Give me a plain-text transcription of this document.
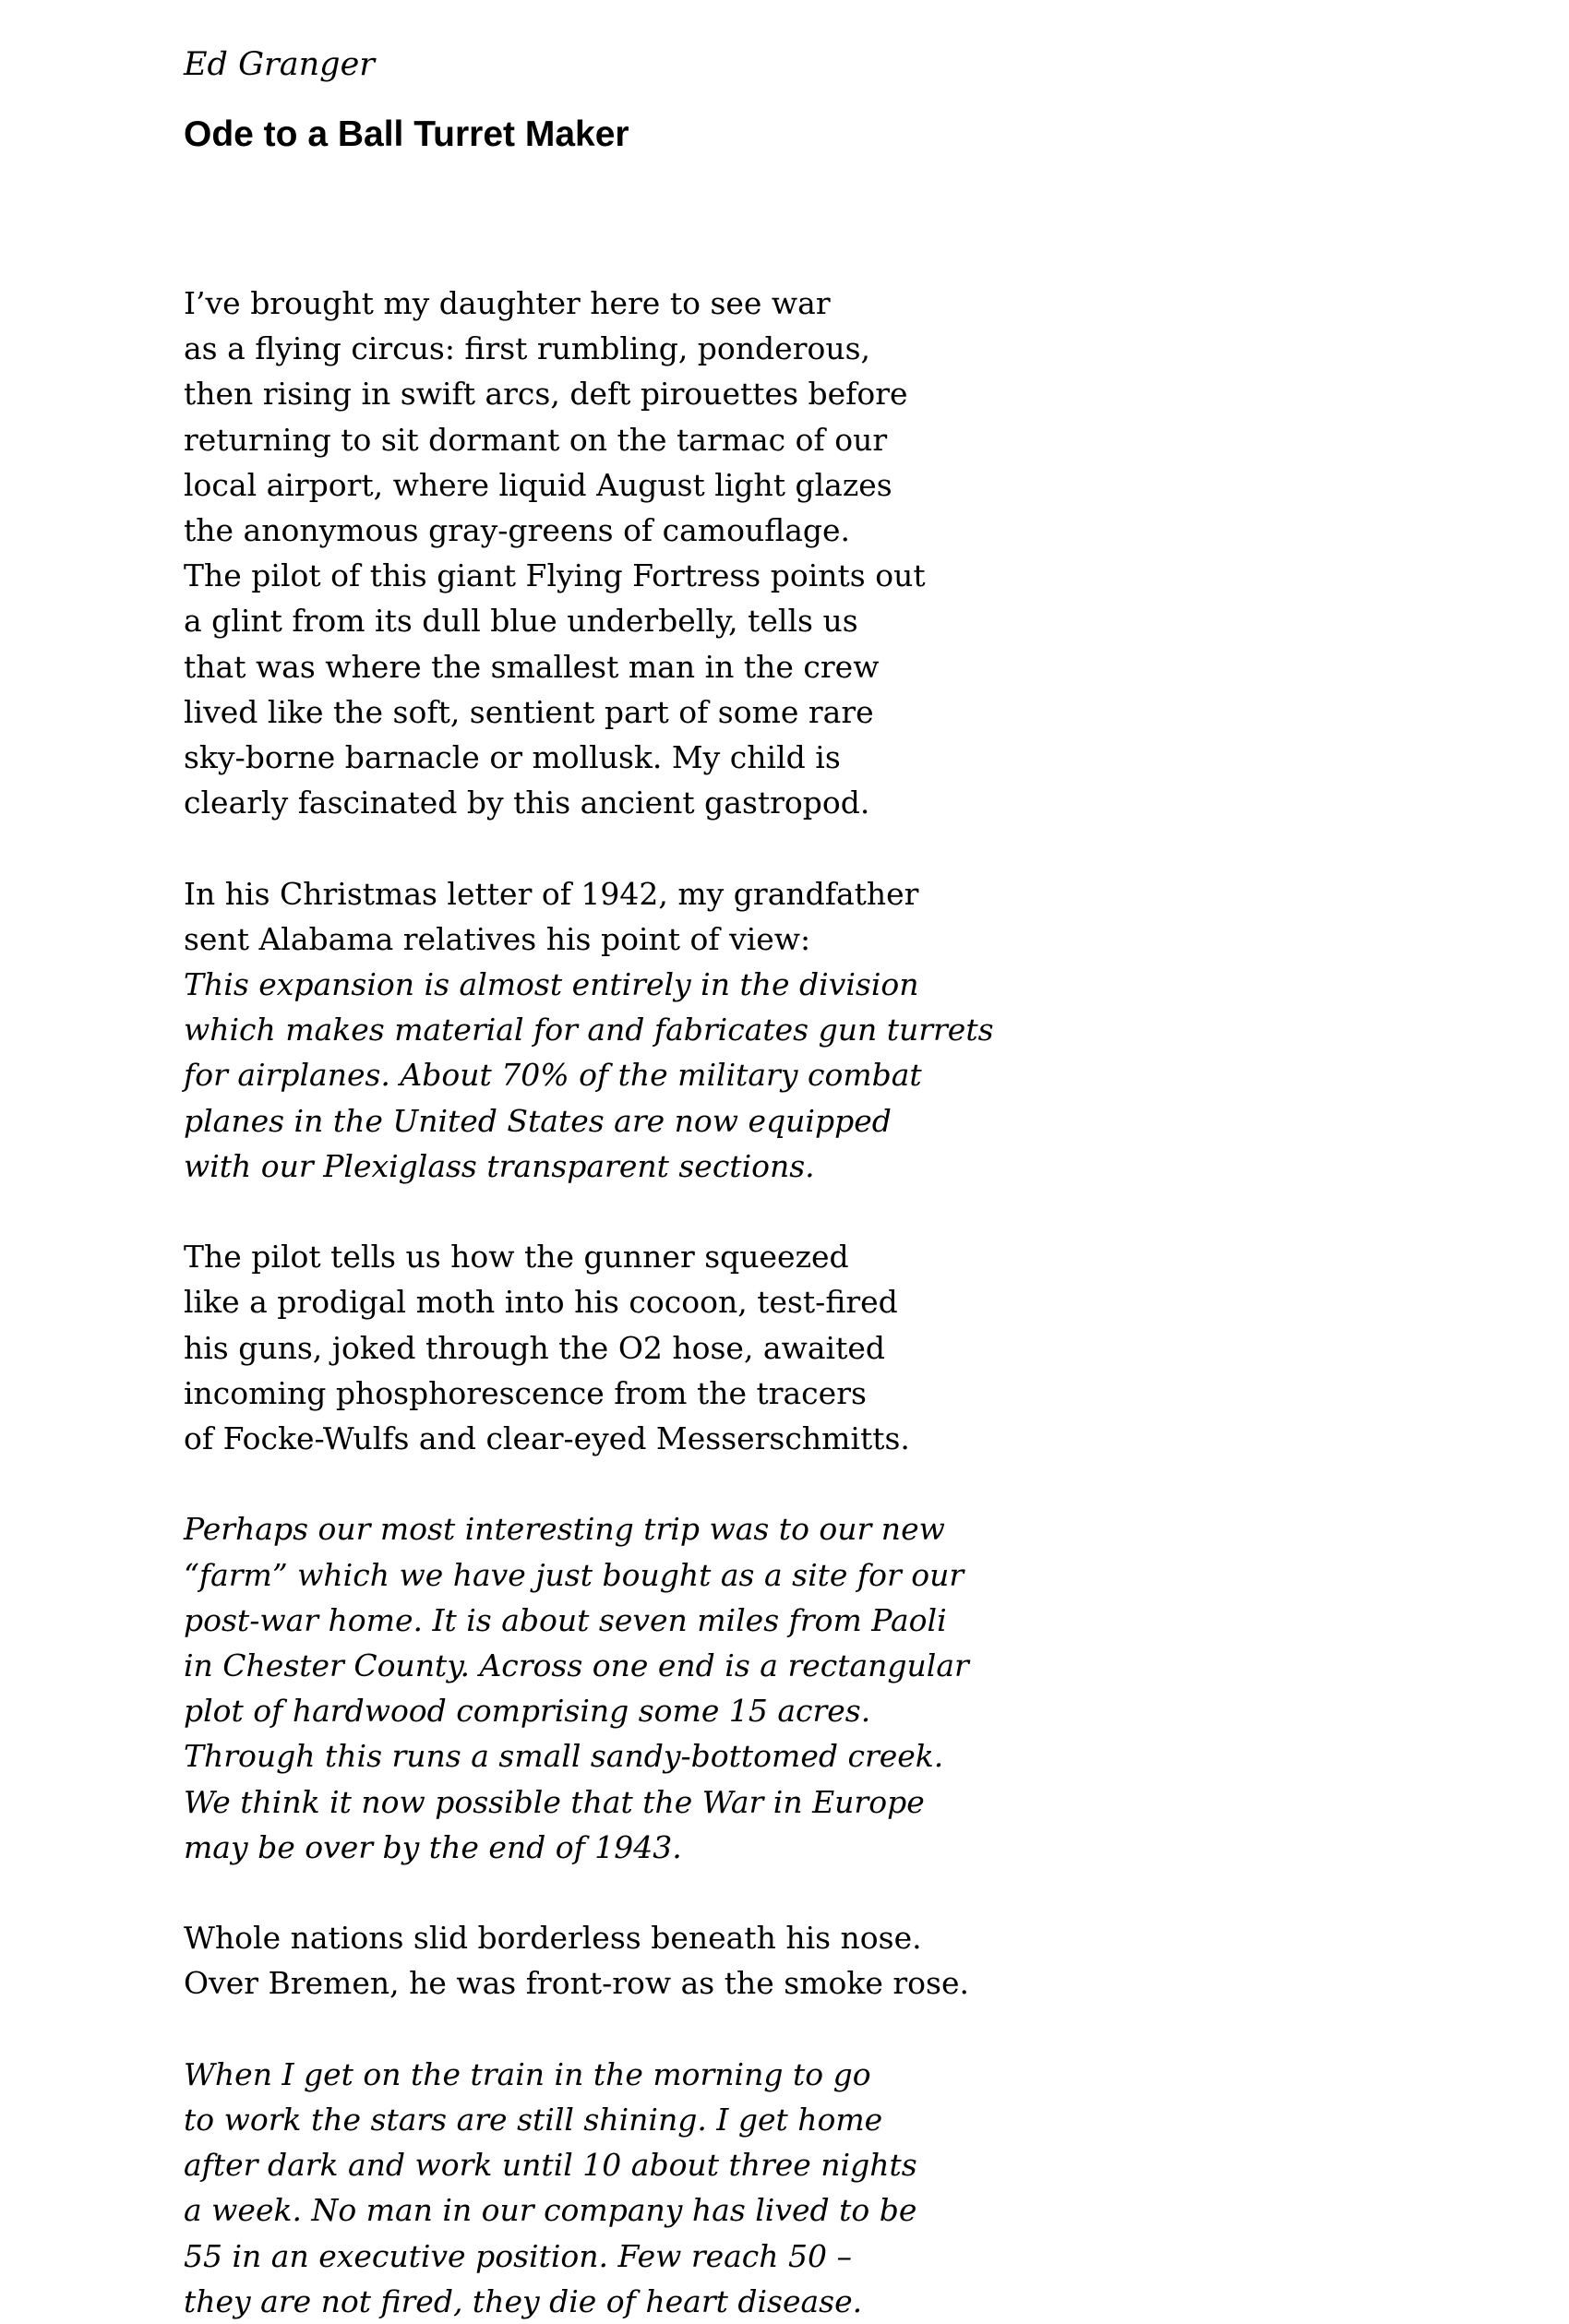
Ed Granger

Ode to a Ball Turret Maker
I’ve brought my daughter here to see war
as a flying circus: first rumbling, ponderous,
then rising in swift arcs, deft pirouettes before
returning to sit dormant on the tarmac of our
local airport, where liquid August light glazes
the anonymous gray-greens of camouflage.
The pilot of this giant Flying Fortress points out
a glint from its dull blue underbelly, tells us
that was where the smallest man in the crew
lived like the soft, sentient part of some rare
sky-borne barnacle or mollusk. My child is
clearly fascinated by this ancient gastropod.
In his Christmas letter of 1942, my grandfather
sent Alabama relatives his point of view:
This expansion is almost entirely in the division
which makes material for and fabricates gun turrets
for airplanes. About 70% of the military combat
planes in the United States are now equipped
with our Plexiglass transparent sections.
The pilot tells us how the gunner squeezed
like a prodigal moth into his cocoon, test-fired
his guns, joked through the O2 hose, awaited
incoming phosphorescence from the tracers
of Focke-Wulfs and clear-eyed Messerschmitts.
Perhaps our most interesting trip was to our new
“farm” which we have just bought as a site for our
post-war home. It is about seven miles from Paoli
in Chester County. Across one end is a rectangular
plot of hardwood comprising some 15 acres.
Through this runs a small sandy-bottomed creek.
We think it now possible that the War in Europe
may be over by the end of 1943.
Whole nations slid borderless beneath his nose.
Over Bremen, he was front-row as the smoke rose.
When I get on the train in the morning to go
to work the stars are still shining. I get home
after dark and work until 10 about three nights
a week. No man in our company has lived to be
55 in an executive position. Few reach 50 –
they are not fired, they die of heart disease.
